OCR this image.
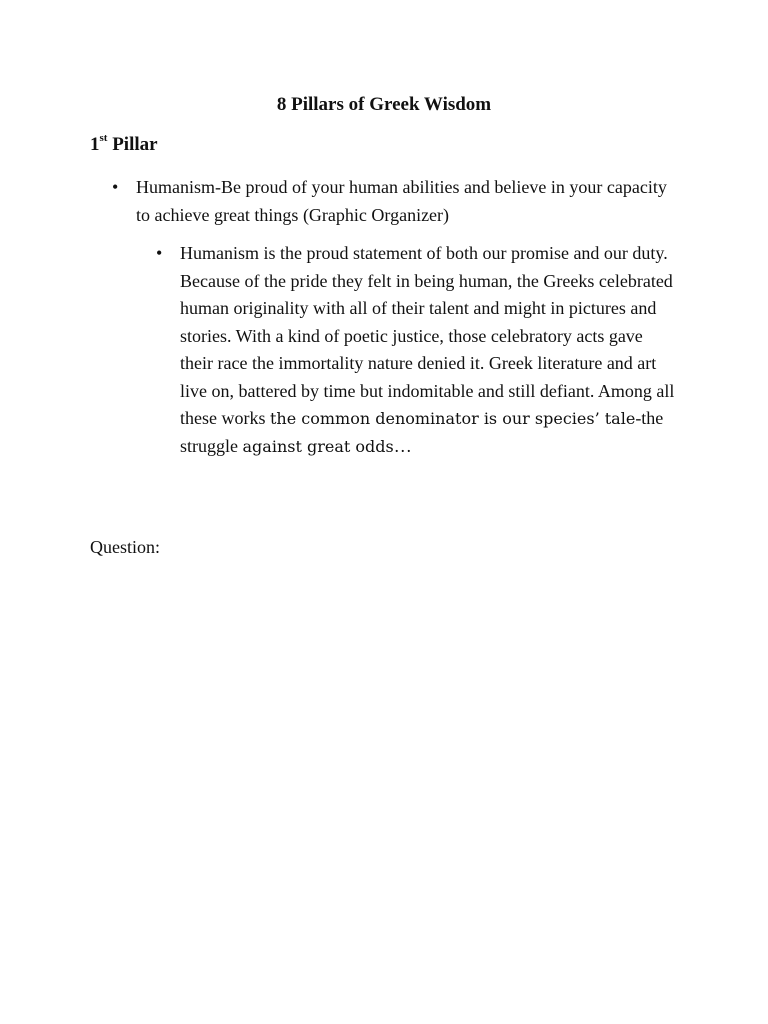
8 Pillars of Greek Wisdom
1st Pillar
• Humanism-Be proud of your human abilities and believe in your capacity to achieve great things (Graphic Organizer)
• Humanism is the proud statement of both our promise and our duty. Because of the pride they felt in being human, the Greeks celebrated human originality with all of their talent and might in pictures and stories. With a kind of poetic justice, those celebratory acts gave their race the immortality nature denied it. Greek literature and art live on, battered by time but indomitable and still defiant. Among all these works the common denominator is our species’ tale-the struggle against great odds…
Question:
